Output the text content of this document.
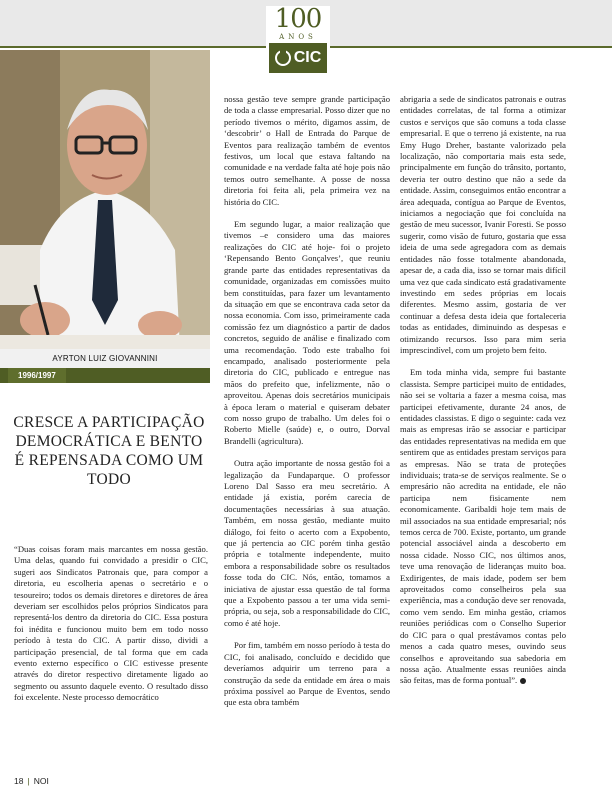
100
ANOS
CIC
AYRTON LUIZ GIOVANNINI
1996/1997
CRESCE A PARTICIPAÇÃO DEMOCRÁTICA E BENTO É REPENSADA COMO UM TODO

“Duas coisas foram mais marcantes em nossa gestão. Uma delas, quando fui convidado a presidir o CIC, sugeri aos Sindicatos Patronais que, para compor a diretoria, eu escolheria apenas o secretário e o tesoureiro; todos os demais diretores e diretores de área deveriam ser escolhidos pelos próprios Sindicatos para representá-los dentro da diretoria do CIC. Essa postura foi inédita e funcionou muito bem em todo nosso período à testa do CIC. A partir disso, dividi a participação presencial, de tal forma que em cada evento externo específico o CIC estivesse presente através do diretor respectivo diretamente ligado ao segmento ou assunto daquele evento. O resultado disso foi excelente. Neste processo democrático

nossa gestão teve sempre grande participação de toda a classe empresarial. Posso dizer que no período tivemos o mérito, digamos assim, de ‘descobrir’ o Hall de Entrada do Parque de Eventos para realização também de eventos festivos, um local que estava faltando na comunidade e na verdade falta até hoje pois não temos outro semelhante. A posse de nossa diretoria foi feita ali, pela primeira vez na história do CIC.

Em segundo lugar, a maior realização que tivemos –e considero uma das maiores realizações do CIC até hoje- foi o projeto ‘Repensando Bento Gonçalves’, que reuniu grande parte das entidades representativas da comunidade, organizadas em comissões muito bem constituídas, para fazer um levantamento da situação em que se encontrava cada setor da nossa economia. Com isso, primeiramente cada comissão fez um diagnóstico a partir de dados concretos, seguido de análise e finalizado com uma recomendação. Todo este trabalho foi encampado, analisado posteriormente pela diretoria do CIC, publicado e entregue nas mãos do prefeito que, infelizmente, não o aproveitou. Apenas dois secretários municipais à época leram o material e quiseram debater com nosso grupo de trabalho. Um deles foi o Roberto Mielle (saúde) e, o outro, Dorval Brandelli (agricultura).

Outra ação importante de nossa gestão foi a legalização da Fundaparque. O professor Loreno Dal Sasso era meu secretário. A entidade já existia, porém carecia de documentações necessárias à sua atuação. Também, em nossa gestão, mediante muito diálogo, foi feito o acerto com a Expobento, que já pertencia ao CIC porém tinha gestão própria e totalmente independente, muito embora a responsabilidade sobre os resultados fosse toda do CIC. Nós, então, tomamos a iniciativa de ajustar essa questão de tal forma que a Expobento passou a ter uma vida semi-própria, ou seja, sob a responsabilidade do CIC, como é até hoje.

Por fim, também em nosso período à testa do CIC, foi analisado, concluído e decidido que deveríamos adquirir um terreno para a construção da sede da entidade em área o mais próxima possível ao Parque de Eventos, sendo que esta obra também

abrigaria a sede de sindicatos patronais e outras entidades correlatas, de tal forma a otimizar custos e serviços que são comuns a toda classe empresarial. E que o terreno já existente, na rua Emy Hugo Dreher, bastante valorizado pela localização, não comportaria mais esta sede, principalmente em função do trânsito, portanto, deveria ter outro destino que não a sede da entidade. Assim, conseguimos então encontrar a área adequada, contígua ao Parque de Eventos, iniciamos a negociação que foi concluída na gestão de meu sucessor, Ivanir Foresti. Se posso sugerir, como visão de futuro, gostaria que essa ideia de uma sede agregadora com as demais entidades não fosse totalmente abandonada, apesar de, a cada dia, isso se tornar mais difícil uma vez que cada sindicato está gradativamente investindo em sedes próprias em locais diferentes. Mesmo assim, gostaria de ver continuar a defesa desta ideia que fortaleceria todas as entidades, diminuindo as despesas e otimizando recursos. Isso para mim seria imprescindível, com um projeto bem feito.

Em toda minha vida, sempre fui bastante classista. Sempre participei muito de entidades, não sei se voltaria a fazer a mesma coisa, mas participei efetivamente, durante 24 anos, de entidades classistas. E digo o seguinte: cada vez mais as empresas irão se associar e participar das entidades representativas na medida em que sentirem que as entidades prestam serviços para as empresas. Não se trata de proteções individuais; trata-se de serviços realmente. Se o empresário não acredita na entidade, ele não participa nem fisicamente nem economicamente. Garibaldi hoje tem mais de mil associados na sua entidade empresarial; nós temos cerca de 700. Existe, portanto, um grande potencial associável ainda a descoberto em nossa cidade. Nosso CIC, nos últimos anos, teve uma renovação de lideranças muito boa. Exdirigentes, de mais idade, podem ser bem aproveitados como conselheiros pela sua experiência, mas a condução deve ser renovada, como vem sendo. Em minha gestão, criamos reuniões periódicas com o Conselho Superior do CIC para o qual prestávamos contas pelo menos a cada quatro meses, ouvindo seus conselhos e aproveitando sua sabedoria em nossa ação. Atualmente essas reuniões ainda são feitas, mas de forma pontual”.

18 | NOI
